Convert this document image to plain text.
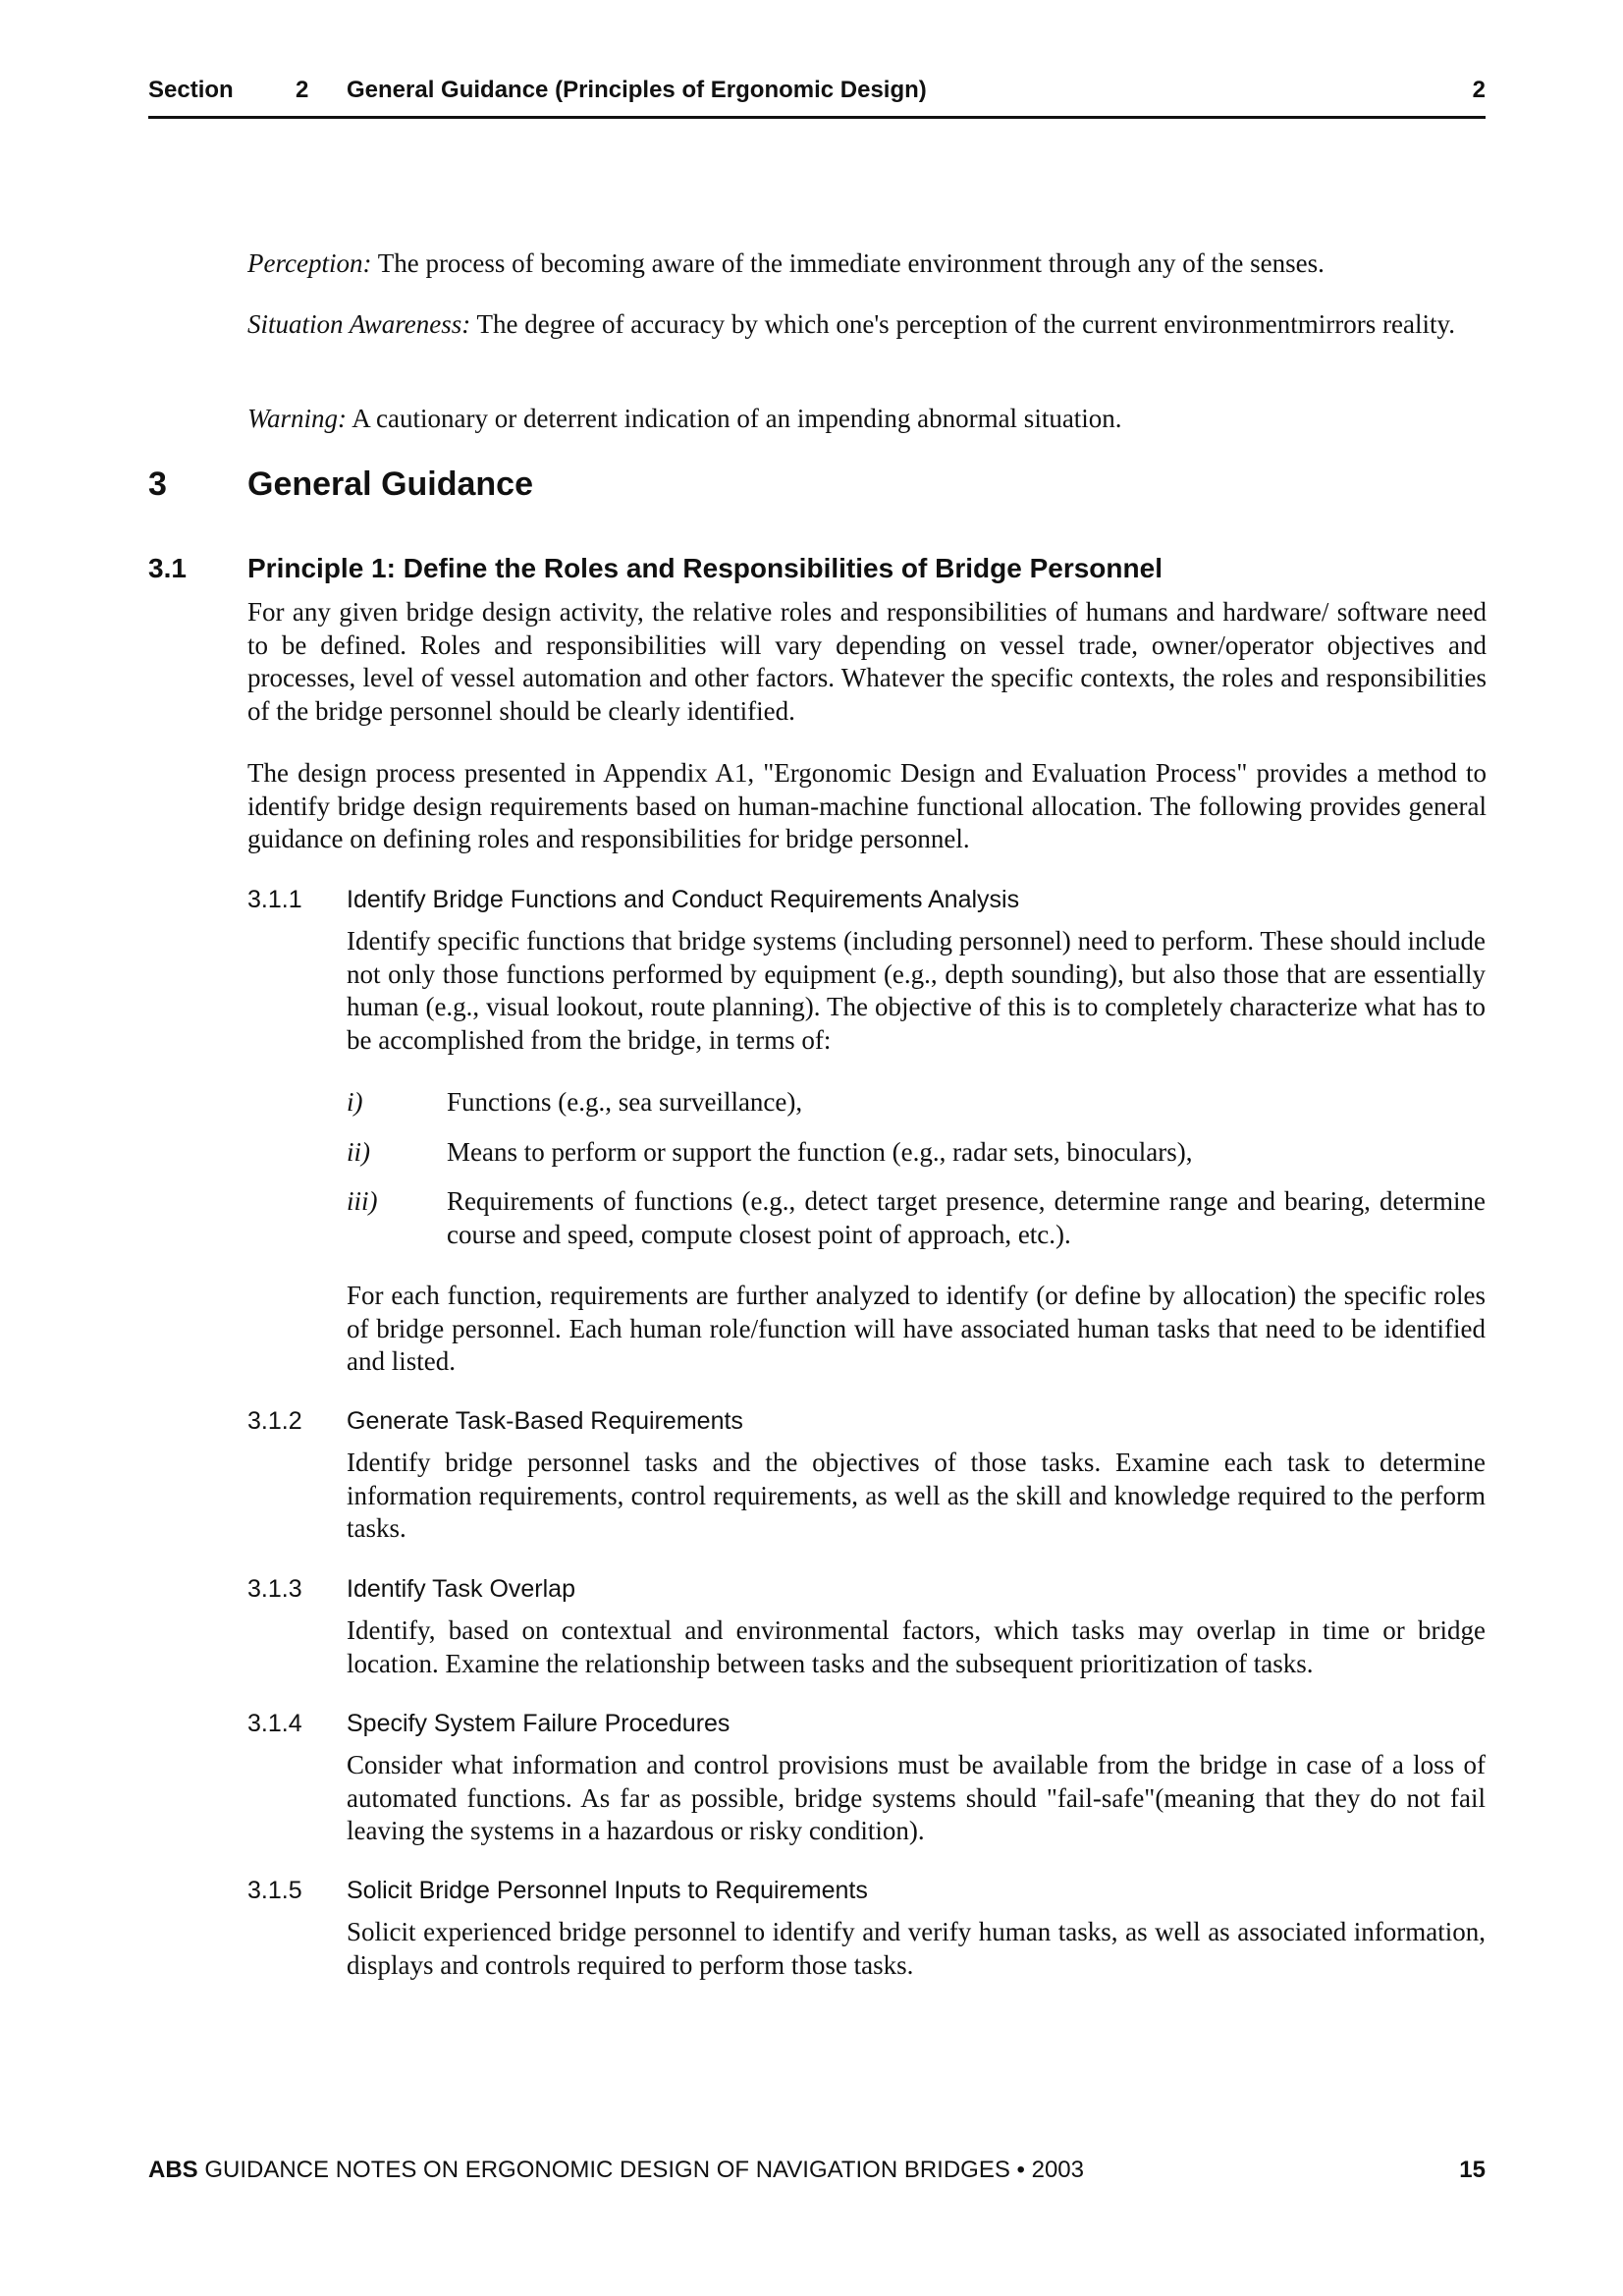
Section	2 General Guidance (Principles of Ergonomic Design)	2

Perception: The process of becoming aware of the immediate environment through any of the senses.

Situation Awareness: The degree of accuracy by which one's perception of the current environmentmirrors reality.

Warning: A cautionary or deterrent indication of an impending abnormal situation.

3 General Guidance
3.1 Principle 1: Define the Roles and Responsibilities of Bridge Personnel

For any given bridge design activity, the relative roles and responsibilities of humans and hardware/ software need to be defined. Roles and responsibilities will vary depending on vessel trade, owner/operator objectives and processes, level of vessel automation and other factors. Whatever the specific contexts, the roles and responsibilities of the bridge personnel should be clearly identified.

The design process presented in Appendix A1, "Ergonomic Design and Evaluation Process" provides a method to identify bridge design requirements based on human-machine functional allocation. The following provides general guidance on defining roles and responsibilities for bridge personnel.

3.1.1 Identify Bridge Functions and Conduct Requirements Analysis

Identify specific functions that bridge systems (including personnel) need to perform. These should include not only those functions performed by equipment (e.g., depth sounding), but also those that are essentially human (e.g., visual lookout, route planning). The objective of this is to completely characterize what has to be accomplished from the bridge, in terms of:

i)	Functions (e.g., sea surveillance),
ii)	Means to perform or support the function (e.g., radar sets, binoculars),
iii)	Requirements of functions (e.g., detect target presence, determine range and bearing, determine course and speed, compute closest point of approach, etc.).

For each function, requirements are further analyzed to identify (or define by allocation) the specific roles of bridge personnel. Each human role/function will have associated human tasks that need to be identified and listed.

3.1.2 Generate Task-Based Requirements

Identify bridge personnel tasks and the objectives of those tasks. Examine each task to determine information requirements, control requirements, as well as the skill and knowledge required to the perform tasks.

3.1.3 Identify Task Overlap

Identify, based on contextual and environmental factors, which tasks may overlap in time or bridge location. Examine the relationship between tasks and the subsequent prioritization of tasks.

3.1.4 Specify System Failure Procedures

Consider what information and control provisions must be available from the bridge in case of a loss of automated functions. As far as possible, bridge systems should "fail-safe"(meaning that they do not fail leaving the systems in a hazardous or risky condition).

3.1.5 Solicit Bridge Personnel Inputs to Requirements

Solicit experienced bridge personnel to identify and verify human tasks, as well as associated information, displays and controls required to perform those tasks.

ABS GUIDANCE NOTES ON ERGONOMIC DESIGN OF NAVIGATION BRIDGES • 2003	15
